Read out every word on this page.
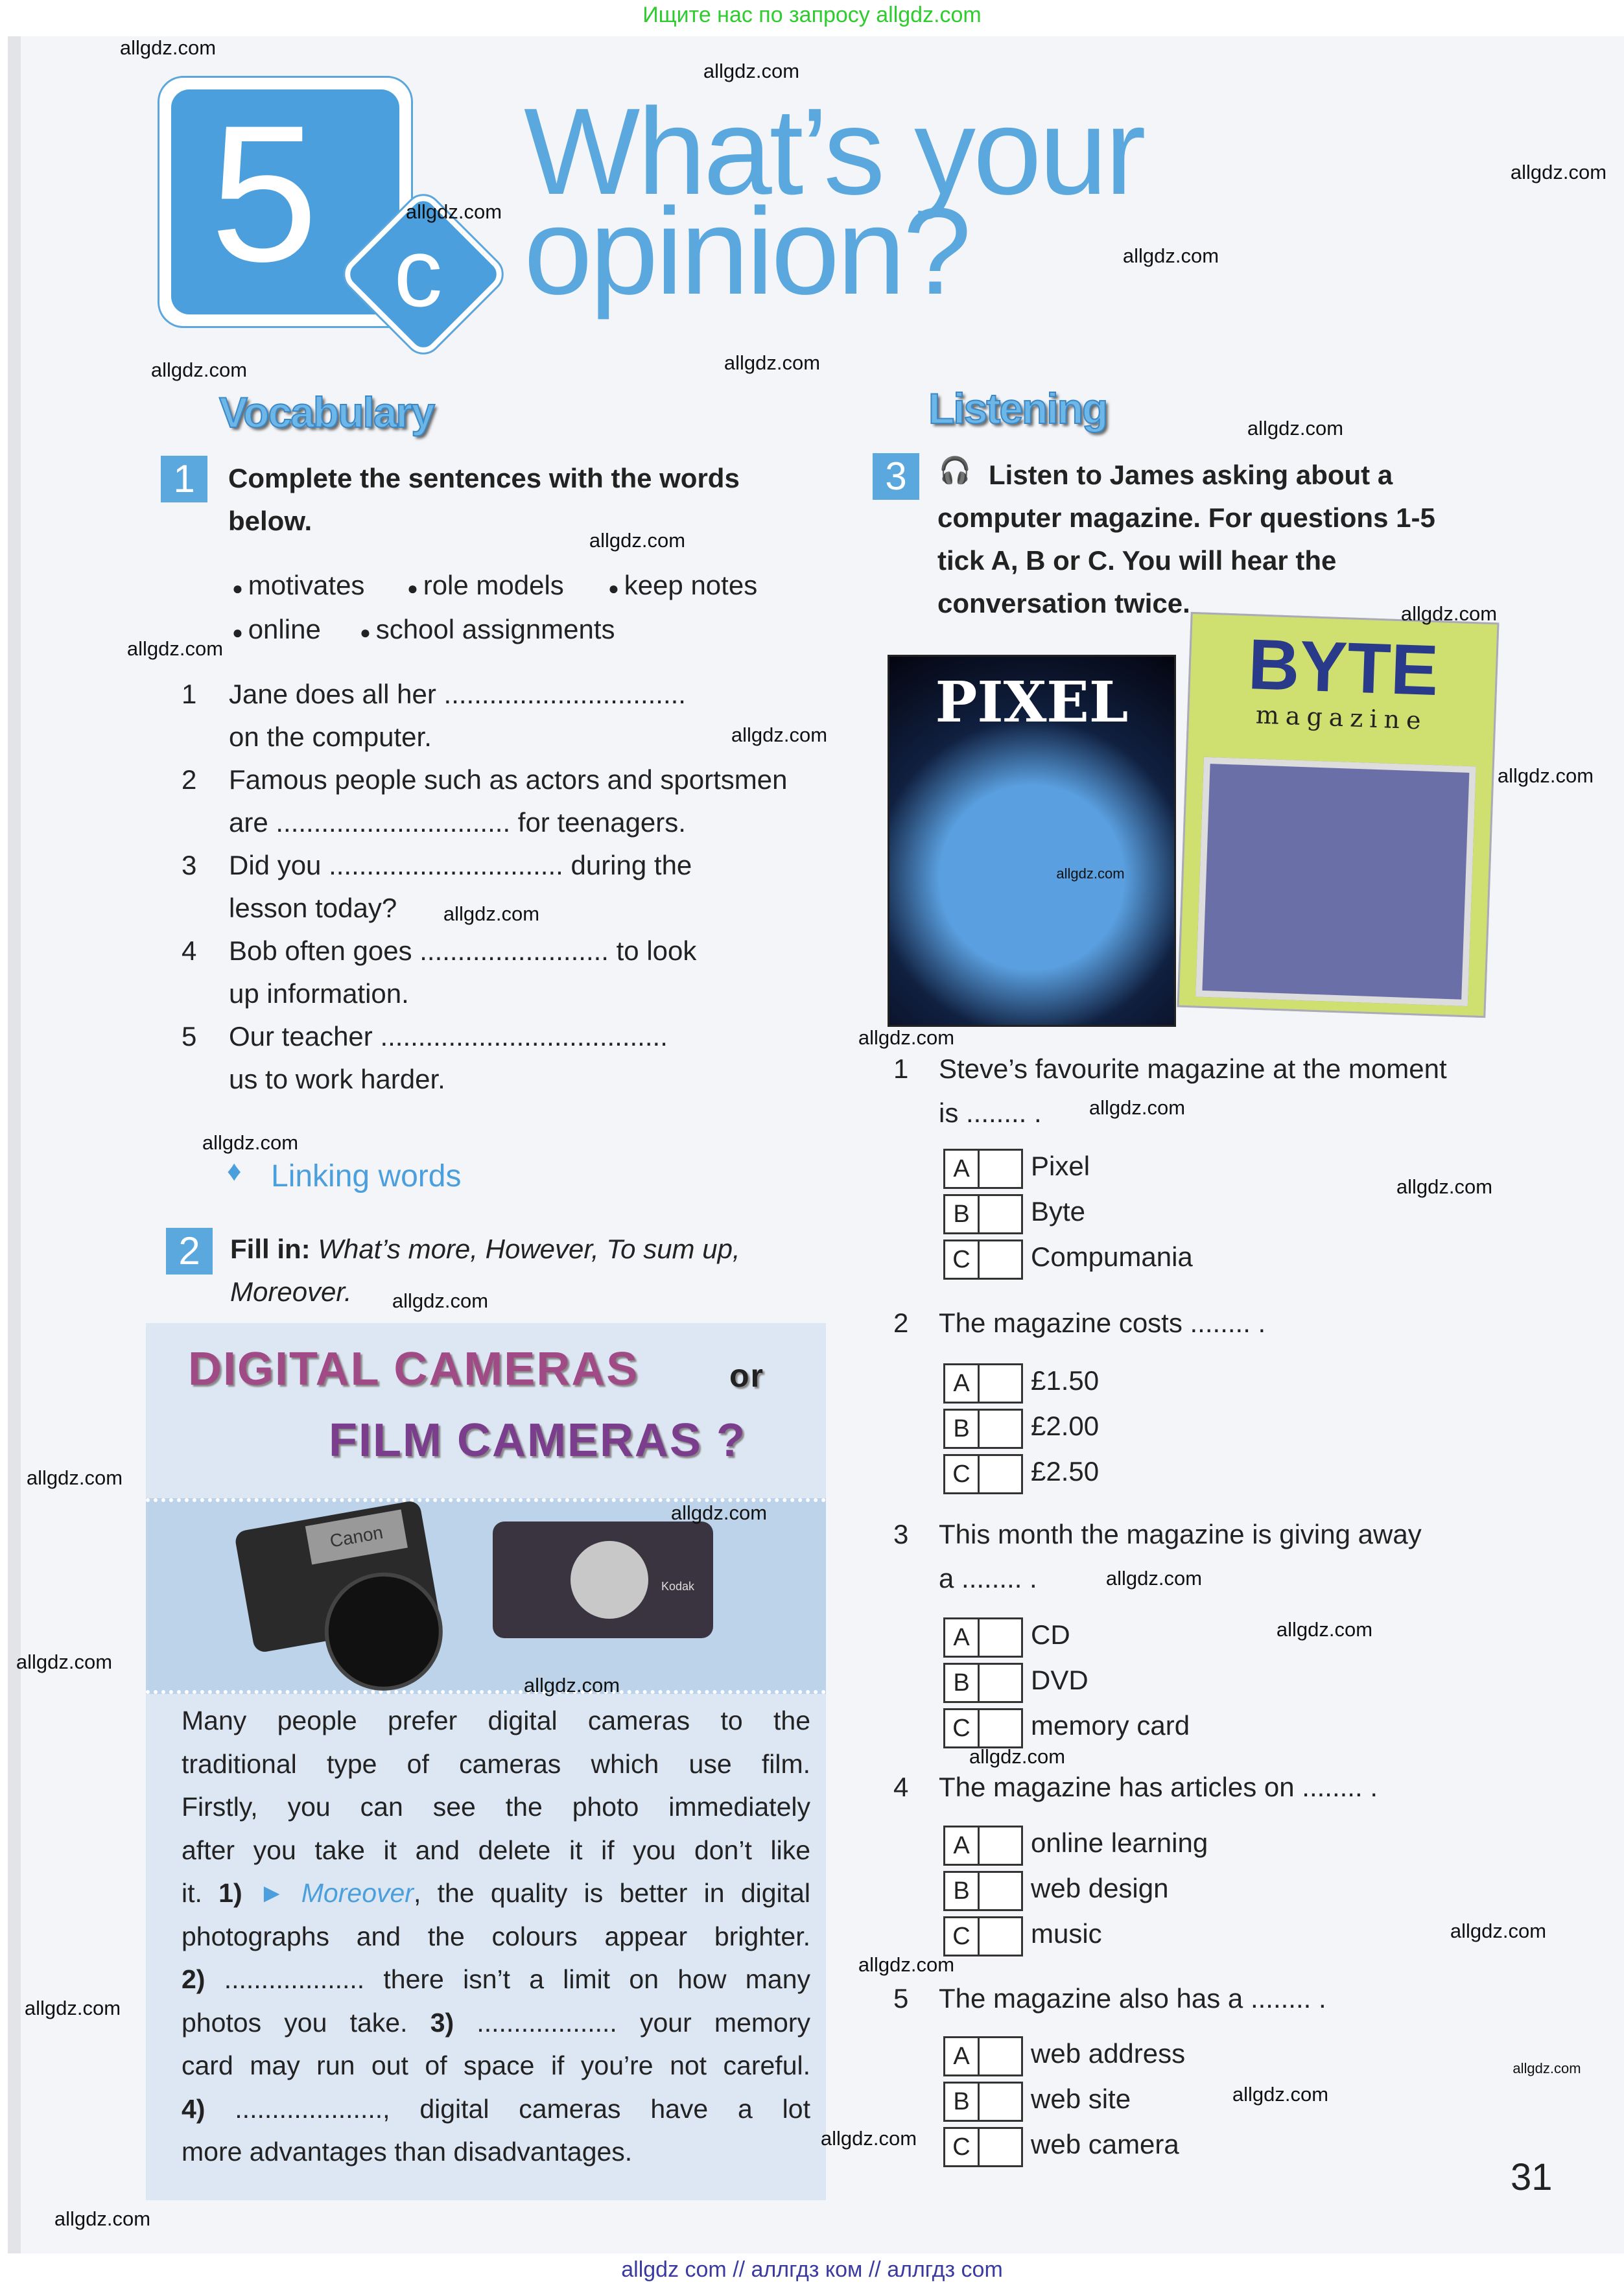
Ищите нас по запросу allgdz.com
5 c
What’s your
opinion?
Vocabulary
1	Complete the sentences with the words
below.
● motivates ● role models ● keep notes
● online ● school assignments
1 Jane does all her ................................
on the computer.
2 Famous people such as actors and sportsmen
are ............................... for teenagers.
3 Did you ............................... during the
lesson today?
4 Bob often goes ......................... to look
up information.
5 Our teacher ......................................
us to work harder.
♦ Linking words
2	Fill in: What’s more, However, To sum up,
Moreover.
DIGITAL CAMERAS	or
FILM CAMERAS ?
Canon
Kodak
Many people prefer digital cameras to the
traditional type of cameras which use film.
Firstly, you can see the photo immediately
after you take it and delete it if you don’t like
it. 1) ► Moreover, the quality is better in digital
photographs and the colours appear brighter.
2) ................... there isn’t a limit on how many
photos you take. 3) ................... your memory
card may run out of space if you’re not careful.
4) ...................., digital cameras have a lot
more advantages than disadvantages.
Listening
3	🎧 Listen to James asking about a
computer magazine. For questions 1-5
tick A, B or C. You will hear the
conversation twice.
PIXEL	BYTE
magazine
1 Steve’s favourite magazine at the moment
is ........ .
A	Pixel
B	Byte
C	Compumania
2 The magazine costs ........ .
A	£1.50
B	£2.00
C	£2.50
3 This month the magazine is giving away
a ........ .
A	CD
B	DVD
C	memory card
4 The magazine has articles on ........ .
A	online learning
B	web design
C	music
5 The magazine also has a ........ .
A	web address
B	web site
C	web camera
31
allgdz com // аллгдз ком // аллгдз com
allgdz.com
allgdz.com
allgdz.com
allgdz.com
allgdz.com
allgdz.com
allgdz.com
allgdz.com
allgdz.com
allgdz.com
allgdz.com
allgdz.com
allgdz.com
allgdz.com
allgdz.com
allgdz.com
allgdz.com
allgdz.com
allgdz.com
allgdz.com
allgdz.com
allgdz.com
allgdz.com
allgdz.com
allgdz.com
allgdz.com
allgdz.com
allgdz.com
allgdz.com
allgdz.com
allgdz.com
allgdz.com
allgdz.com
allgdz.com
